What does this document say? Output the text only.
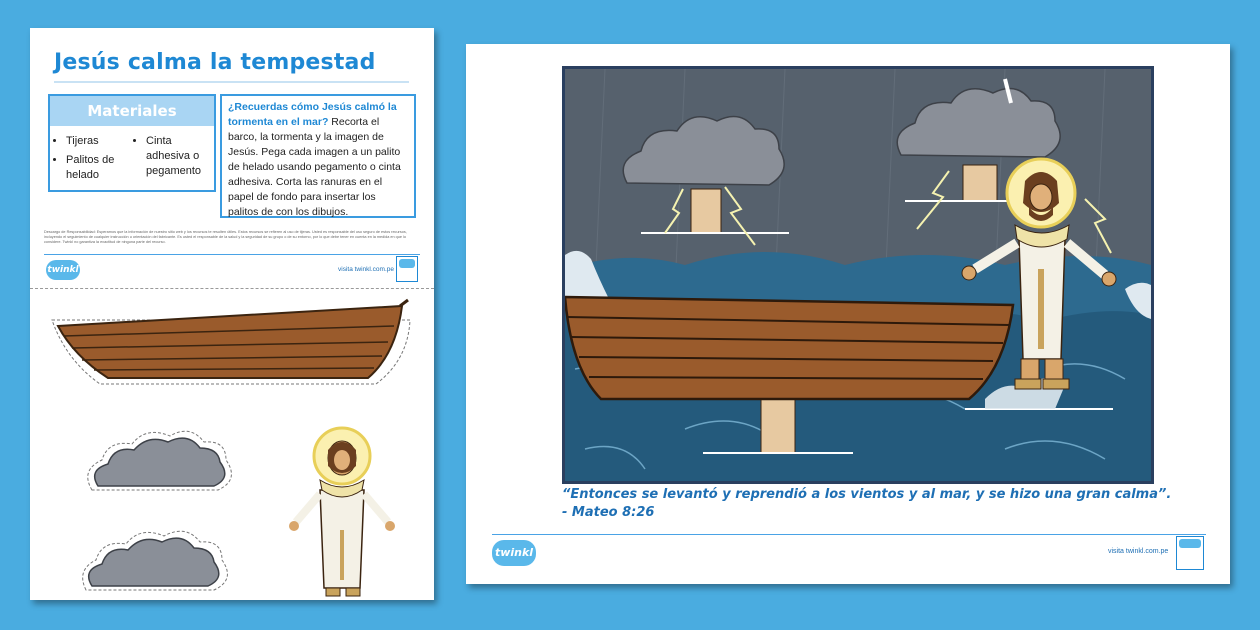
Jesús calma la tempestad
Materiales
• Tijeras
• Palitos de helado
• Cinta adhesiva o pegamento
¿Recuerdas cómo Jesús calmó la tormenta en el mar? Recorta el barco, la tormenta y la imagen de Jesús. Pega cada imagen a un palito de helado usando pegamento o cinta adhesiva. Corta las ranuras en el papel de fondo para insertar los palitos de con los dibujos.
Descargo de Responsabilidad: Esperamos que la información de nuestro sitio web y los recursos te resulten útiles. Estos recursos se refieren al uso de tijeras. Usted es responsable del uso seguro de estos recursos, incluyendo el seguimiento de cualquier instrucción u orientación del fabricante. Es usted el responsable de la salud y la seguridad de su grupo o de su entorno, por lo que debe tener en cuenta en la medida en que lo considere. Twinkl no garantiza la exactitud de ninguna parte del recurso.
twinkl	visita twinkl.com.pe
“Entonces se levantó y reprendió a los vientos y al mar, y se hizo una gran calma”.
- Mateo 8:26
twinkl	visita twinkl.com.pe
